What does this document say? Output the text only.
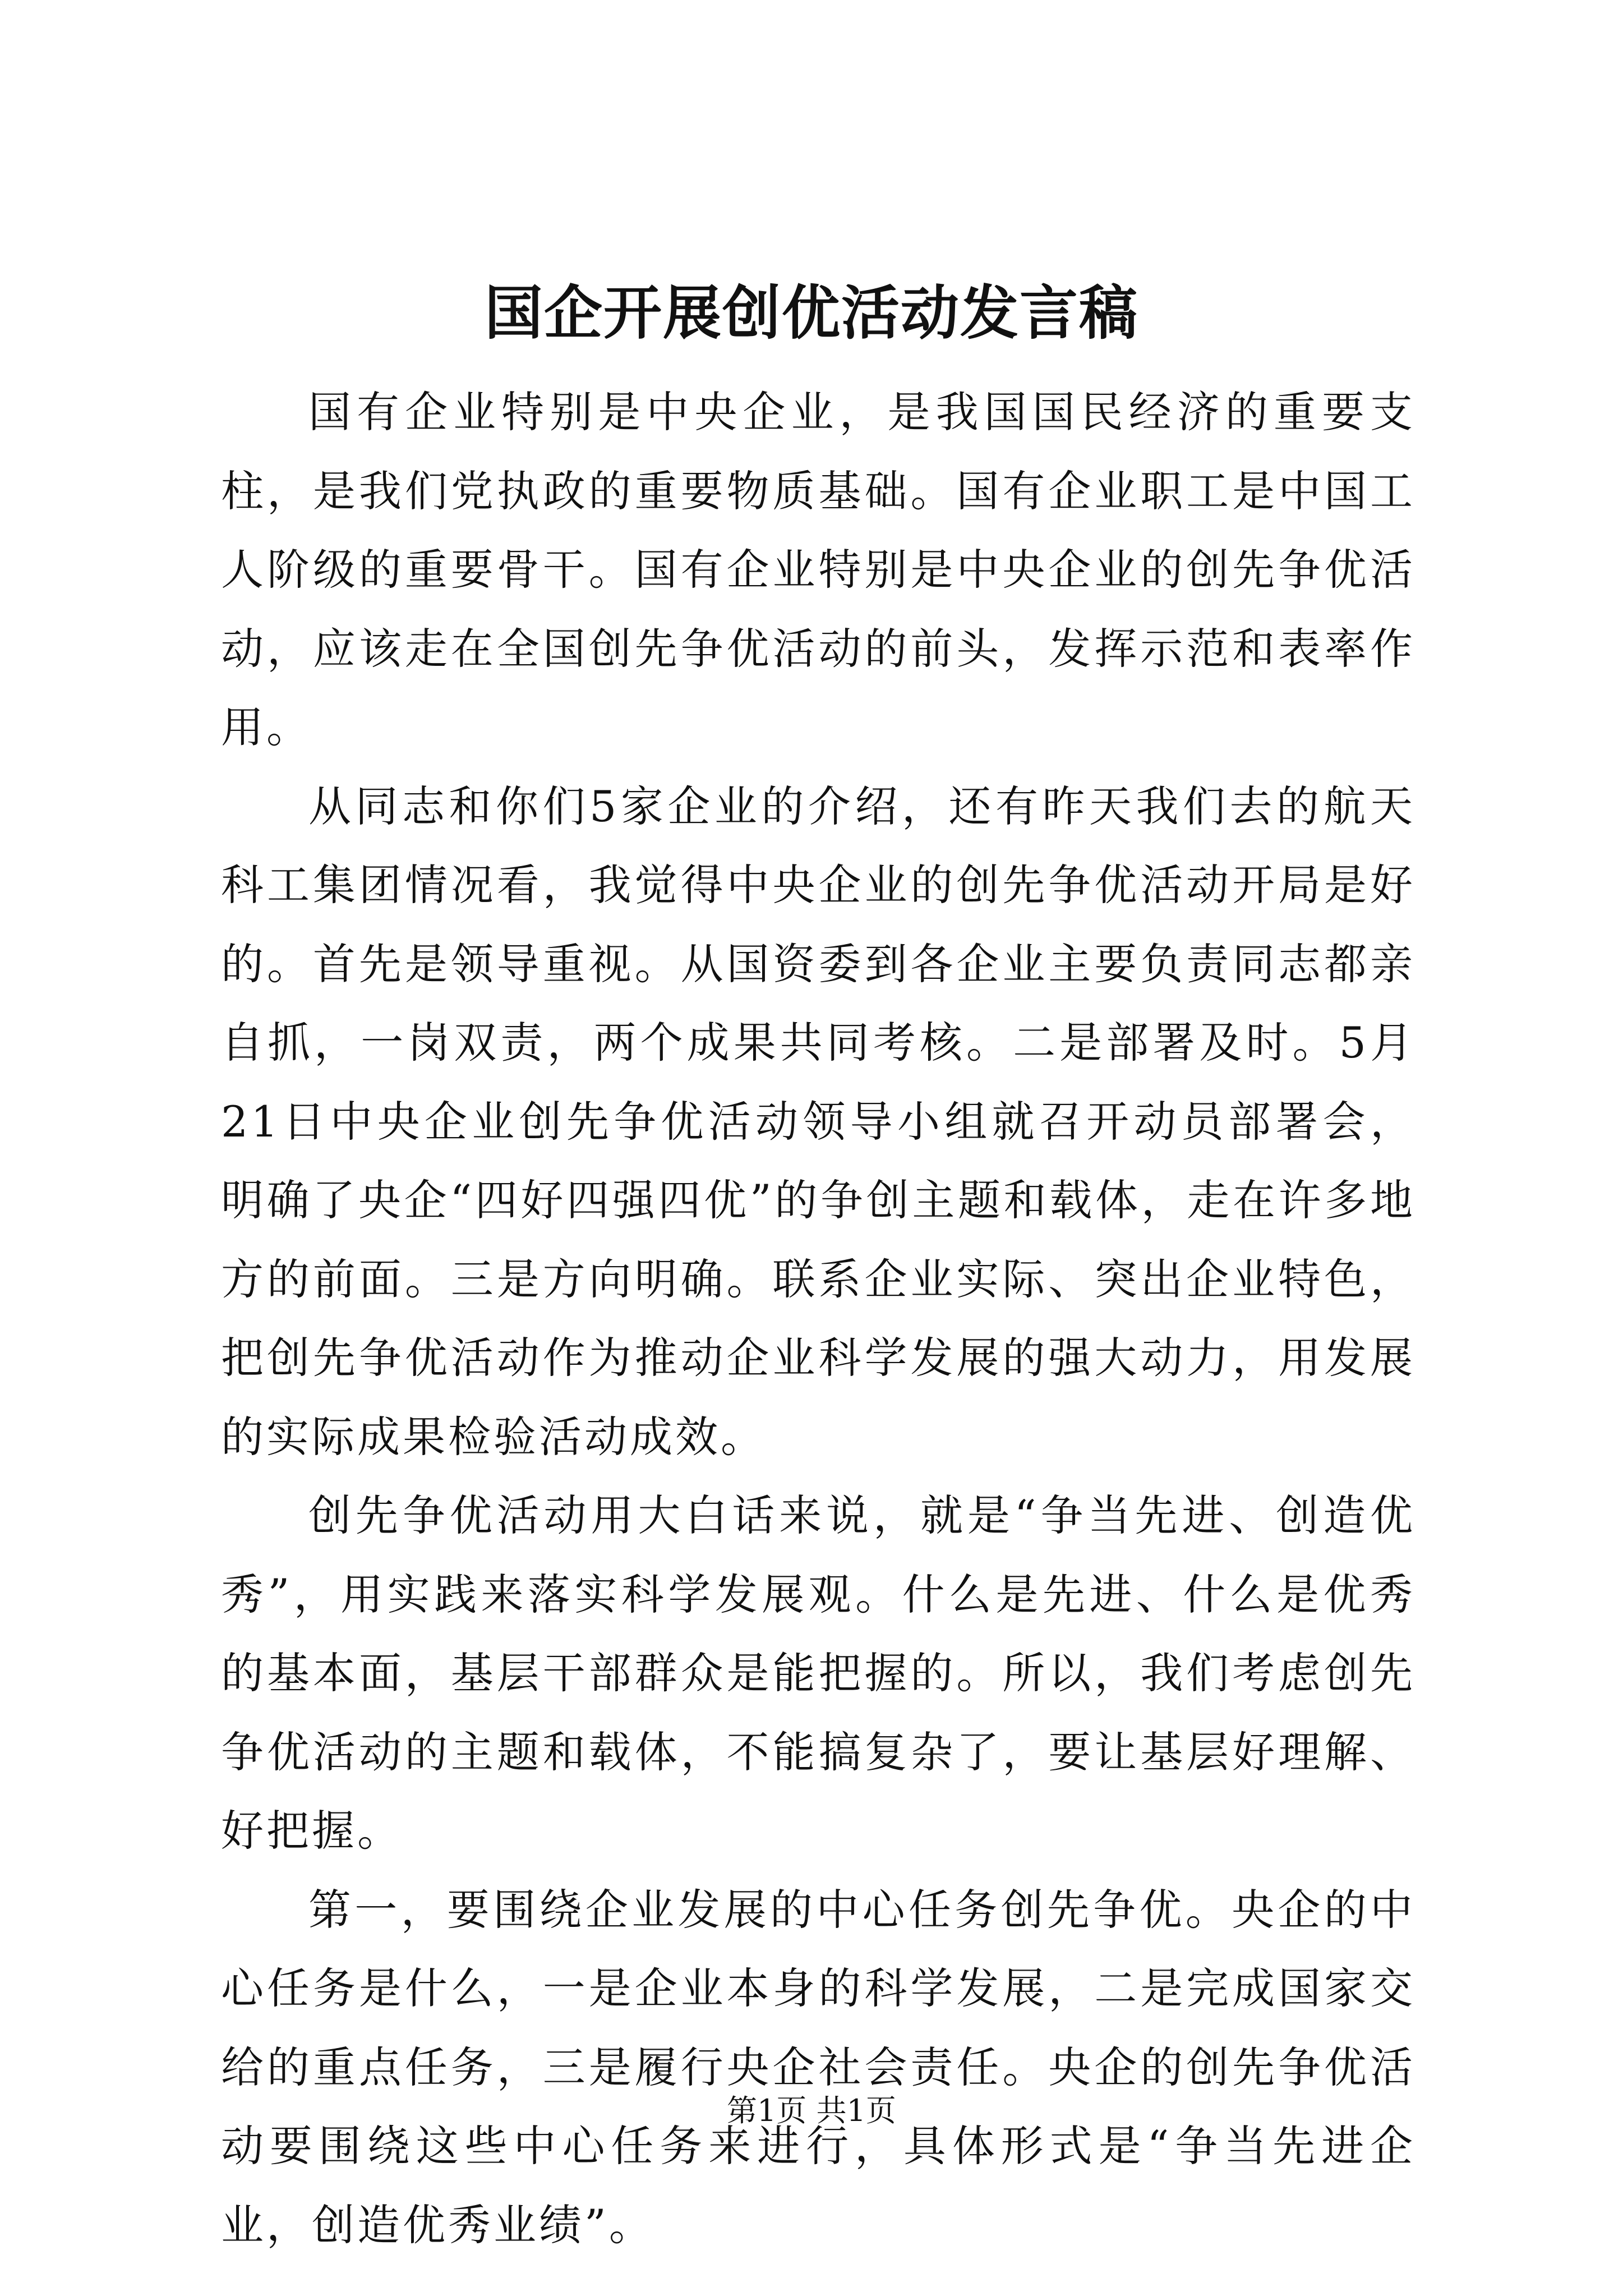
国企开展创优活动发言稿

国有企业特别是中央企业，是我国国民经济的重要支柱，是我们党执政的重要物质基础。国有企业职工是中国工人阶级的重要骨干。国有企业特别是中央企业的创先争优活动，应该走在全国创先争优活动的前头，发挥示范和表率作用。

从同志和你们5家企业的介绍，还有昨天我们去的航天科工集团情况看，我觉得中央企业的创先争优活动开局是好的。首先是领导重视。从国资委到各企业主要负责同志都亲自抓，一岗双责，两个成果共同考核。二是部署及时。5月21日中央企业创先争优活动领导小组就召开动员部署会，明确了央企“四好四强四优”的争创主题和载体，走在许多地方的前面。三是方向明确。联系企业实际、突出企业特色，把创先争优活动作为推动企业科学发展的强大动力，用发展的实际成果检验活动成效。

创先争优活动用大白话来说，就是“争当先进、创造优秀”，用实践来落实科学发展观。什么是先进、什么是优秀的基本面，基层干部群众是能把握的。所以，我们考虑创先争优活动的主题和载体，不能搞复杂了，要让基层好理解、好把握。

第一，要围绕企业发展的中心任务创先争优。央企的中心任务是什么，一是企业本身的科学发展，二是完成国家交给的重点任务，三是履行央企社会责任。央企的创先争优活动要围绕这些中心任务来进行，具体形式是“争当先进企业，创造优秀业绩”。

第1页 共1页
